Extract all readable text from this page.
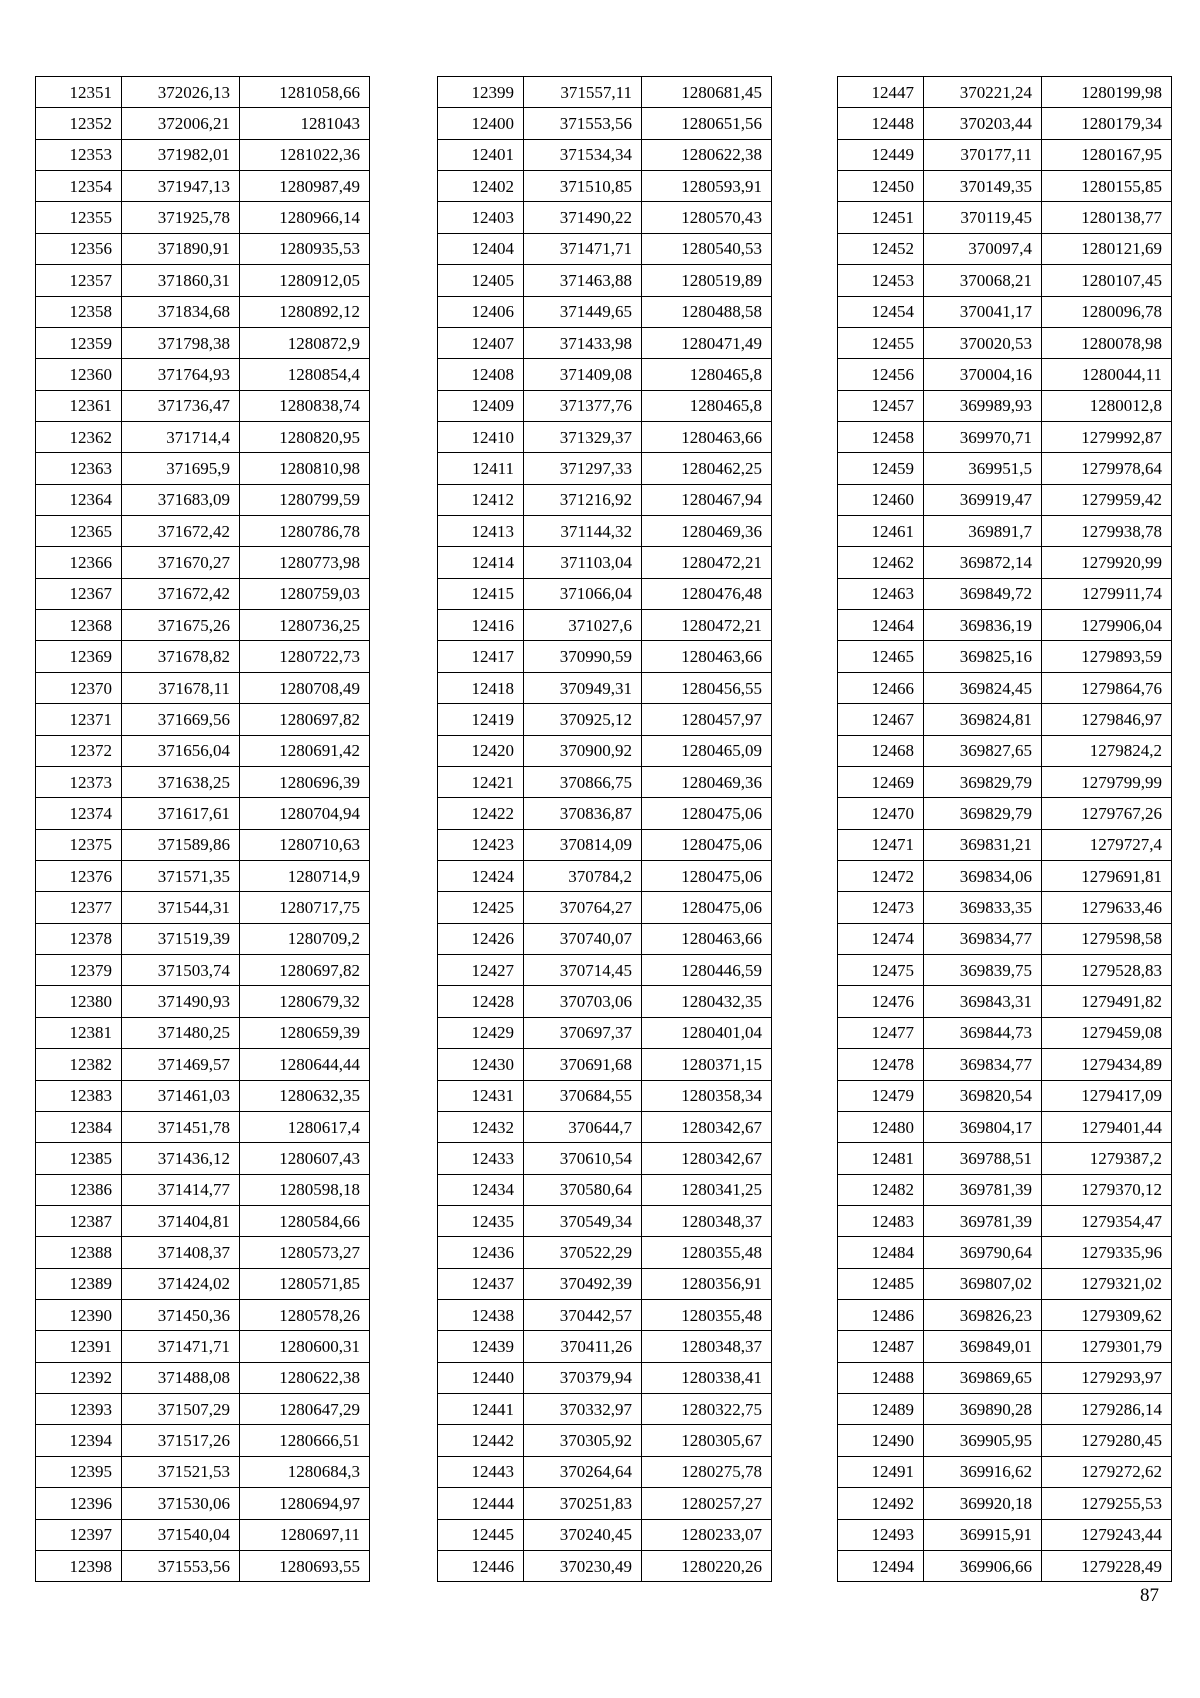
12351	372026,13	1281058,66
12352	372006,21	1281043
12353	371982,01	1281022,36
12354	371947,13	1280987,49
12355	371925,78	1280966,14
12356	371890,91	1280935,53
12357	371860,31	1280912,05
12358	371834,68	1280892,12
12359	371798,38	1280872,9
12360	371764,93	1280854,4
12361	371736,47	1280838,74
12362	371714,4	1280820,95
12363	371695,9	1280810,98
12364	371683,09	1280799,59
12365	371672,42	1280786,78
12366	371670,27	1280773,98
12367	371672,42	1280759,03
12368	371675,26	1280736,25
12369	371678,82	1280722,73
12370	371678,11	1280708,49
12371	371669,56	1280697,82
12372	371656,04	1280691,42
12373	371638,25	1280696,39
12374	371617,61	1280704,94
12375	371589,86	1280710,63
12376	371571,35	1280714,9
12377	371544,31	1280717,75
12378	371519,39	1280709,2
12379	371503,74	1280697,82
12380	371490,93	1280679,32
12381	371480,25	1280659,39
12382	371469,57	1280644,44
12383	371461,03	1280632,35
12384	371451,78	1280617,4
12385	371436,12	1280607,43
12386	371414,77	1280598,18
12387	371404,81	1280584,66
12388	371408,37	1280573,27
12389	371424,02	1280571,85
12390	371450,36	1280578,26
12391	371471,71	1280600,31
12392	371488,08	1280622,38
12393	371507,29	1280647,29
12394	371517,26	1280666,51
12395	371521,53	1280684,3
12396	371530,06	1280694,97
12397	371540,04	1280697,11
12398	371553,56	1280693,55
12399	371557,11	1280681,45
12400	371553,56	1280651,56
12401	371534,34	1280622,38
12402	371510,85	1280593,91
12403	371490,22	1280570,43
12404	371471,71	1280540,53
12405	371463,88	1280519,89
12406	371449,65	1280488,58
12407	371433,98	1280471,49
12408	371409,08	1280465,8
12409	371377,76	1280465,8
12410	371329,37	1280463,66
12411	371297,33	1280462,25
12412	371216,92	1280467,94
12413	371144,32	1280469,36
12414	371103,04	1280472,21
12415	371066,04	1280476,48
12416	371027,6	1280472,21
12417	370990,59	1280463,66
12418	370949,31	1280456,55
12419	370925,12	1280457,97
12420	370900,92	1280465,09
12421	370866,75	1280469,36
12422	370836,87	1280475,06
12423	370814,09	1280475,06
12424	370784,2	1280475,06
12425	370764,27	1280475,06
12426	370740,07	1280463,66
12427	370714,45	1280446,59
12428	370703,06	1280432,35
12429	370697,37	1280401,04
12430	370691,68	1280371,15
12431	370684,55	1280358,34
12432	370644,7	1280342,67
12433	370610,54	1280342,67
12434	370580,64	1280341,25
12435	370549,34	1280348,37
12436	370522,29	1280355,48
12437	370492,39	1280356,91
12438	370442,57	1280355,48
12439	370411,26	1280348,37
12440	370379,94	1280338,41
12441	370332,97	1280322,75
12442	370305,92	1280305,67
12443	370264,64	1280275,78
12444	370251,83	1280257,27
12445	370240,45	1280233,07
12446	370230,49	1280220,26
12447	370221,24	1280199,98
12448	370203,44	1280179,34
12449	370177,11	1280167,95
12450	370149,35	1280155,85
12451	370119,45	1280138,77
12452	370097,4	1280121,69
12453	370068,21	1280107,45
12454	370041,17	1280096,78
12455	370020,53	1280078,98
12456	370004,16	1280044,11
12457	369989,93	1280012,8
12458	369970,71	1279992,87
12459	369951,5	1279978,64
12460	369919,47	1279959,42
12461	369891,7	1279938,78
12462	369872,14	1279920,99
12463	369849,72	1279911,74
12464	369836,19	1279906,04
12465	369825,16	1279893,59
12466	369824,45	1279864,76
12467	369824,81	1279846,97
12468	369827,65	1279824,2
12469	369829,79	1279799,99
12470	369829,79	1279767,26
12471	369831,21	1279727,4
12472	369834,06	1279691,81
12473	369833,35	1279633,46
12474	369834,77	1279598,58
12475	369839,75	1279528,83
12476	369843,31	1279491,82
12477	369844,73	1279459,08
12478	369834,77	1279434,89
12479	369820,54	1279417,09
12480	369804,17	1279401,44
12481	369788,51	1279387,2
12482	369781,39	1279370,12
12483	369781,39	1279354,47
12484	369790,64	1279335,96
12485	369807,02	1279321,02
12486	369826,23	1279309,62
12487	369849,01	1279301,79
12488	369869,65	1279293,97
12489	369890,28	1279286,14
12490	369905,95	1279280,45
12491	369916,62	1279272,62
12492	369920,18	1279255,53
12493	369915,91	1279243,44
12494	369906,66	1279228,49
87
